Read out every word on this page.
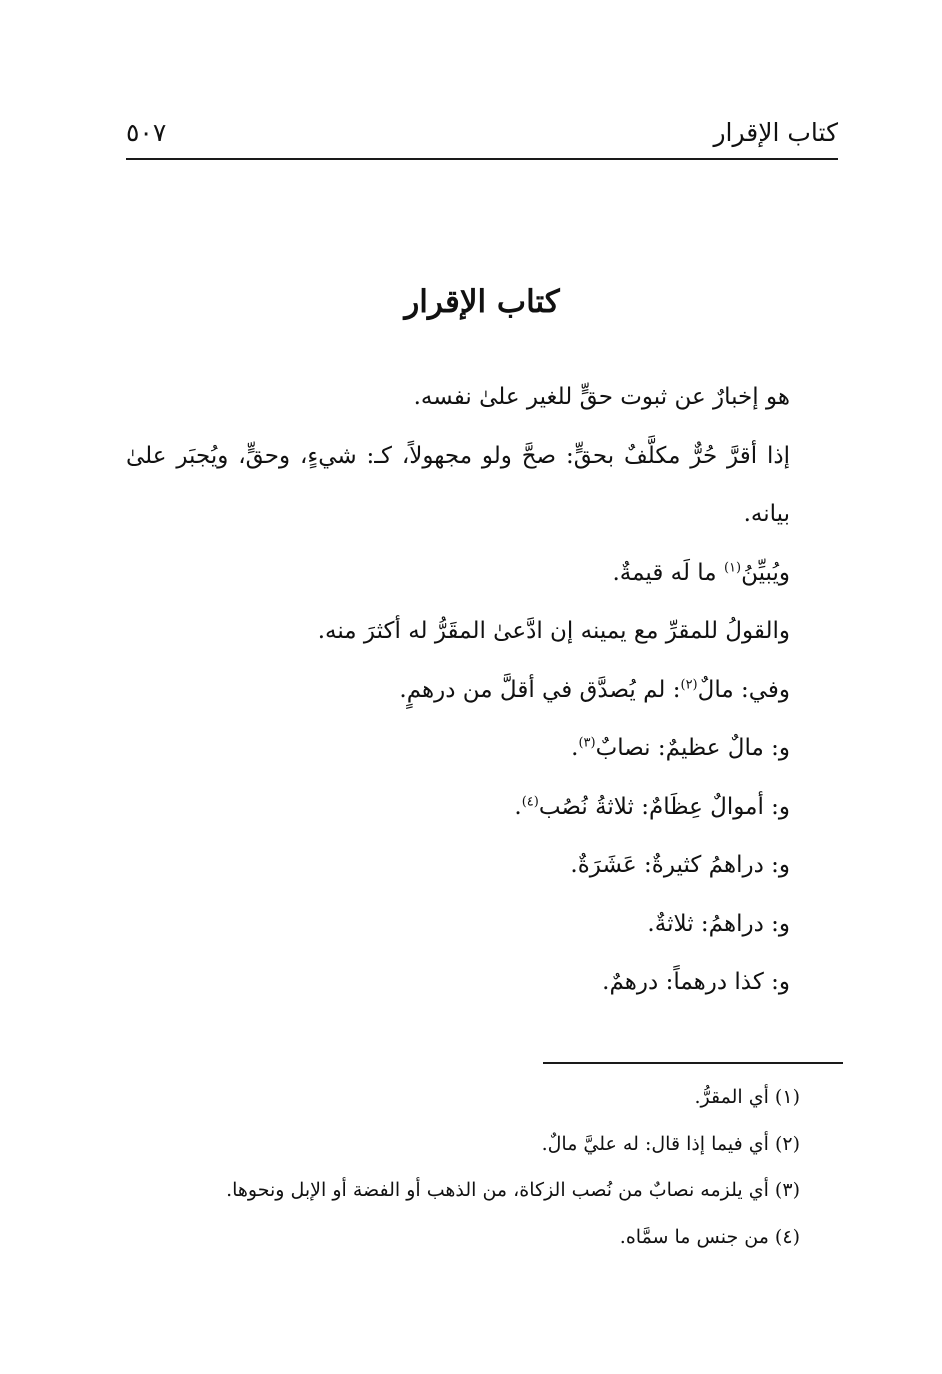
كتاب الإقرار
٥٠٧
كتاب الإقرار

هو إخبارٌ عن ثبوت حقٍّ للغير علىٰ نفسه.

إذا أقرَّ حُرٌّ مكلَّفٌ بحقٍّ: صحَّ ولو مجهولاً، كـ: شيءٍ، وحقٍّ، ويُجبَر علىٰ بيانه.

ويُبيِّنُ$^{(١)}$ ما لَه قيمةٌ.

والقولُ للمقرِّ مع يمينه إن ادَّعىٰ المقَرُّ له أكثرَ منه.

وفي: مالٌ$^{(٢)}$: لم يُصدَّق في أقلَّ من درهمٍ.

و: مالٌ عظيمٌ: نصابٌ$^{(٣)}$.

و: أموالٌ عِظَامٌ: ثلاثةُ نُصُب$^{(٤)}$.

و: دراهمُ كثيرةٌ: عَشَرَةٌ.

و: دراهمُ: ثلاثةٌ.

و: كذا درهماً: درهمٌ.

(١) أي المقرُّ.

(٢) أي فيما إذا قال: له عليَّ مالٌ.

(٣) أي يلزمه نصابٌ من نُصب الزكاة، من الذهب أو الفضة أو الإبل ونحوها.

(٤) من جنس ما سمَّاه.
